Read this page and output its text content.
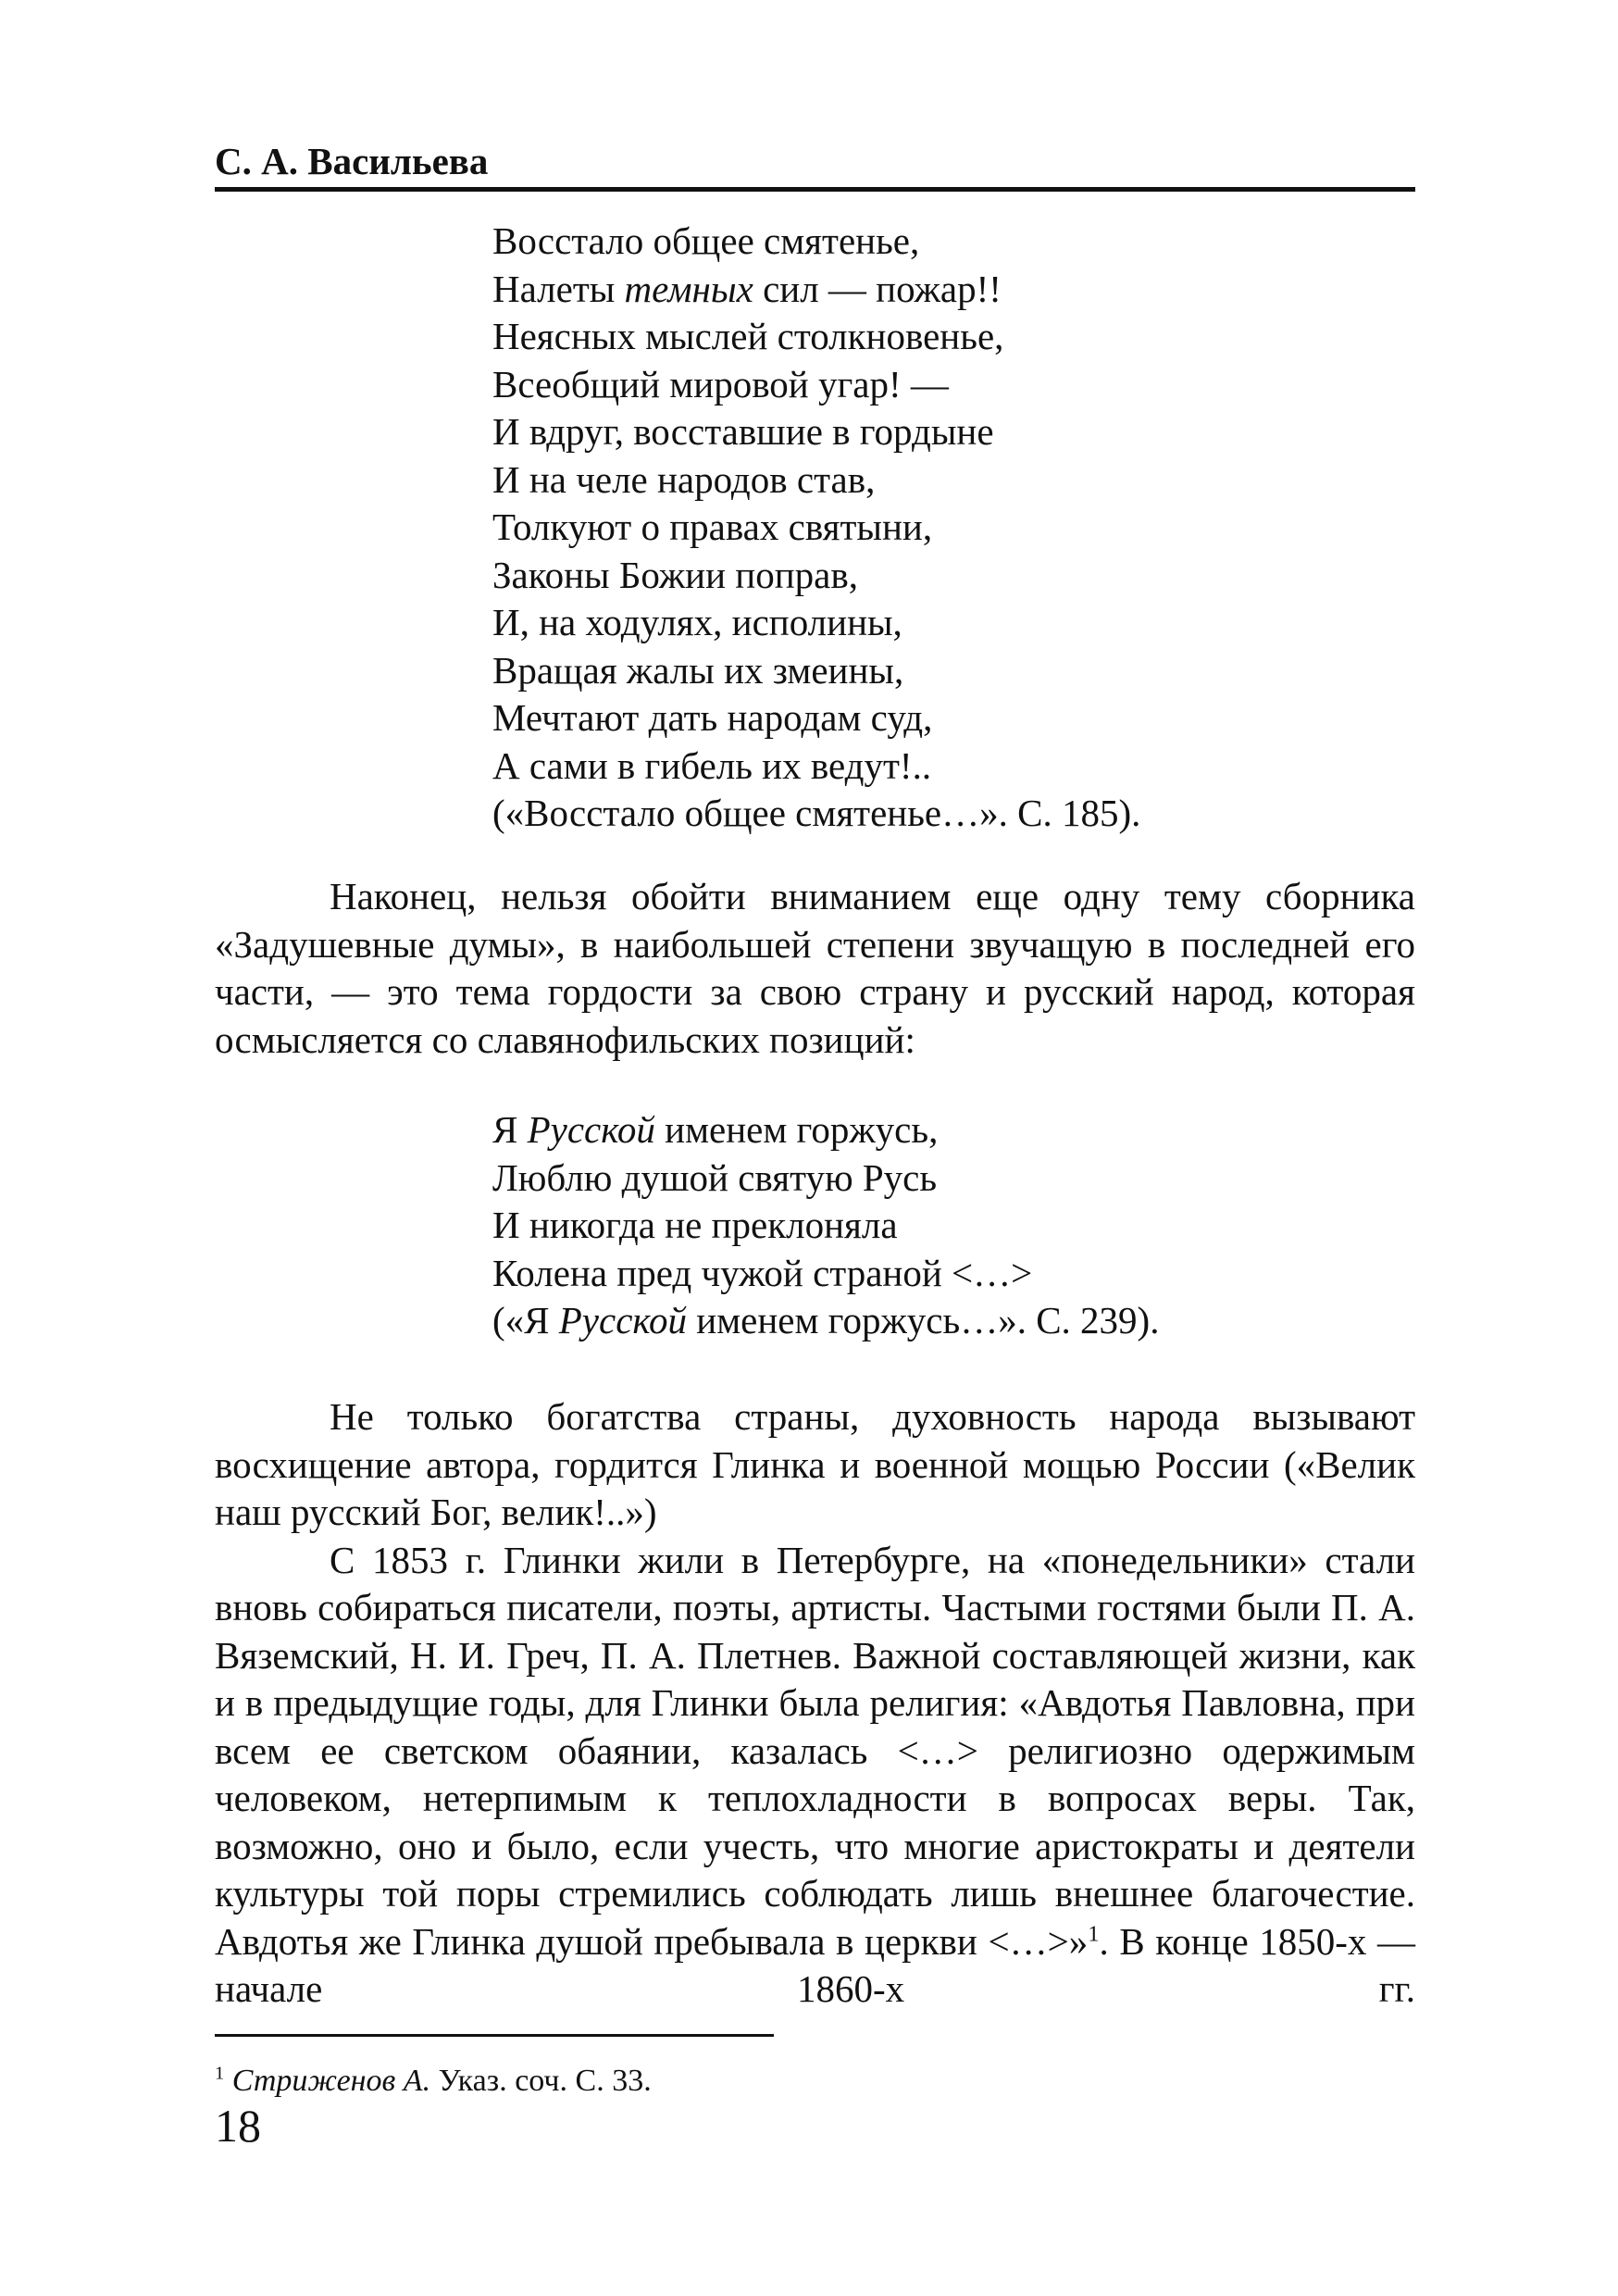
С. А. Васильева
Восстало общее смятенье,
Налеты темных сил — пожар!!
Неясных мыслей столкновенье,
Всеобщий мировой угар! —
И вдруг, восставшие в гордыне
И на челе народов став,
Толкуют о правах святыни,
Законы Божии поправ,
И, на ходулях, исполины,
Вращая жалы их змеины,
Мечтают дать народам суд,
А сами в гибель их ведут!..
(«Восстало общее смятенье…». С. 185).

Наконец, нельзя обойти вниманием еще одну тему сборника «Задушевные думы», в наибольшей степени звучащую в последней его части, — это тема гордости за свою страну и русский народ, которая осмысляется со славянофильских позиций:

Я Русской именем горжусь,
Люблю душой святую Русь
И никогда не преклоняла
Колена пред чужой страной <…>
(«Я Русской именем горжусь…». С. 239).

Не только богатства страны, духовность народа вызывают восхищение автора, гордится Глинка и военной мощью России («Велик наш русский Бог, велик!..»)

С 1853 г. Глинки жили в Петербурге, на «понедельники» стали вновь собираться писатели, поэты, артисты. Частыми гостями были П. А. Вяземский, Н. И. Греч, П. А. Плетнев. Важной составляющей жизни, как и в предыдущие годы, для Глинки была религия: «Авдотья Павловна, при всем ее светском обаянии, казалась <…> религиозно одержимым человеком, нетерпимым к теплохладности в вопросах веры. Так, возможно, оно и было, если учесть, что многие аристократы и деятели культуры той поры стремились соблюдать лишь внешнее благочестие. Авдотья же Глинка душой пребывала в церкви <…>»$^1$. В конце 1850-х — начале 1860-х гг.

$^1$ Стриженов А. Указ. соч. С. 33.
18
